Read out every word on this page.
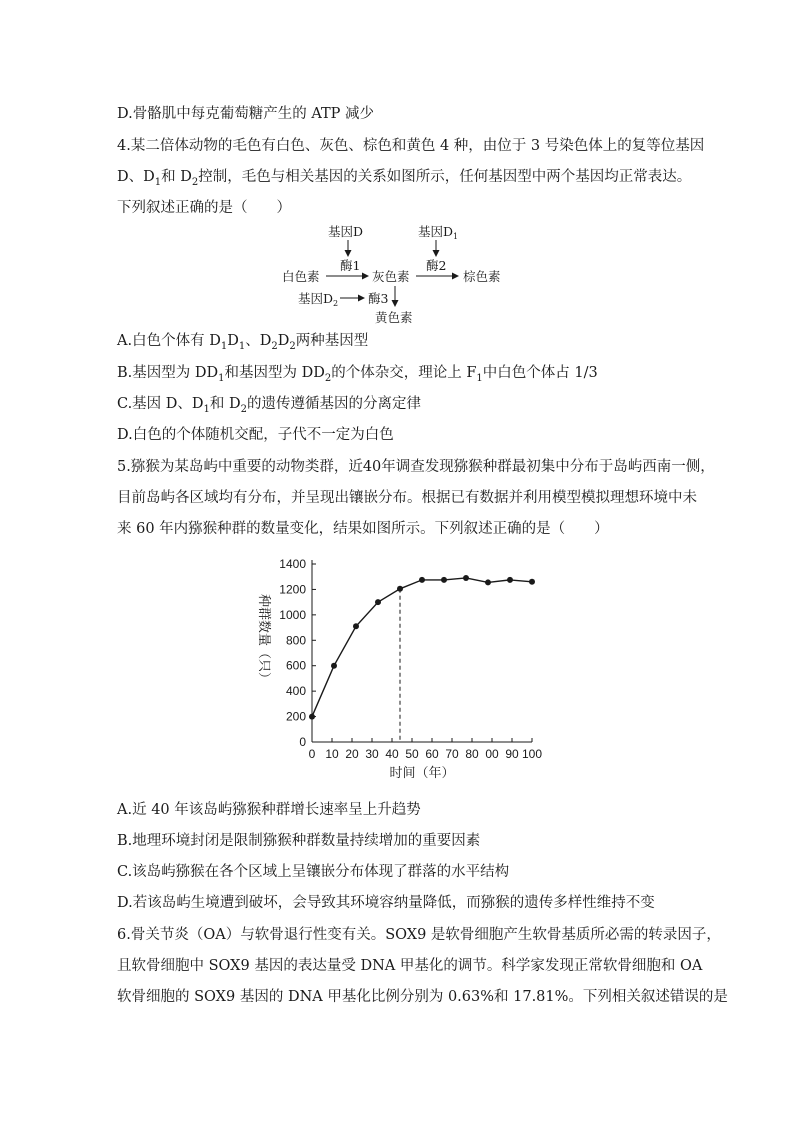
D.骨骼肌中每克葡萄糖产生的 ATP 减少
4.某二倍体动物的毛色有白色、灰色、棕色和黄色 4 种，由位于 3 号染色体上的复等位基因
D、$D_1$和 $D_2$控制，毛色与相关基因的关系如图所示，任何基因型中两个基因均正常表达。
下列叙述正确的是（　　）
基因D
酶1
基因$D_1$
酶2
白色素	灰色素	棕色素
基因$D_2$ 酶3
黄色素
A.白色个体有 $D_1D_1$、$D_2D_2$两种基因型
B.基因型为 $DD_1$和基因型为 $DD_2$的个体杂交，理论上 $F_1$中白色个体占 1/3
C.基因 D、$D_1$和 $D_2$的遗传遵循基因的分离定律
D.白色的个体随机交配，子代不一定为白色
5.猕猴为某岛屿中重要的动物类群，近40年调查发现猕猴种群最初集中分布于岛屿西南一侧，
目前岛屿各区域均有分布，并呈现出镶嵌分布。根据已有数据并利用模型模拟理想环境中未
来 60 年内猕猴种群的数量变化，结果如图所示。下列叙述正确的是（　　）
0
200
400
600
800
1000
1200
1400
0 10 20 30 40 50 60 70 80 00 90 100
时间（年）
种群数量（只）
A.近 40 年该岛屿猕猴种群增长速率呈上升趋势
B.地理环境封闭是限制猕猴种群数量持续增加的重要因素
C.该岛屿猕猴在各个区域上呈镶嵌分布体现了群落的水平结构
D.若该岛屿生境遭到破坏，会导致其环境容纳量降低，而猕猴的遗传多样性维持不变
6.骨关节炎（OA）与软骨退行性变有关。SOX9 是软骨细胞产生软骨基质所必需的转录因子，
且软骨细胞中 SOX9 基因的表达量受 DNA 甲基化的调节。科学家发现正常软骨细胞和 OA
软骨细胞的 SOX9 基因的 DNA 甲基化比例分别为 0.63%和 17.81%。下列相关叙述错误的是
